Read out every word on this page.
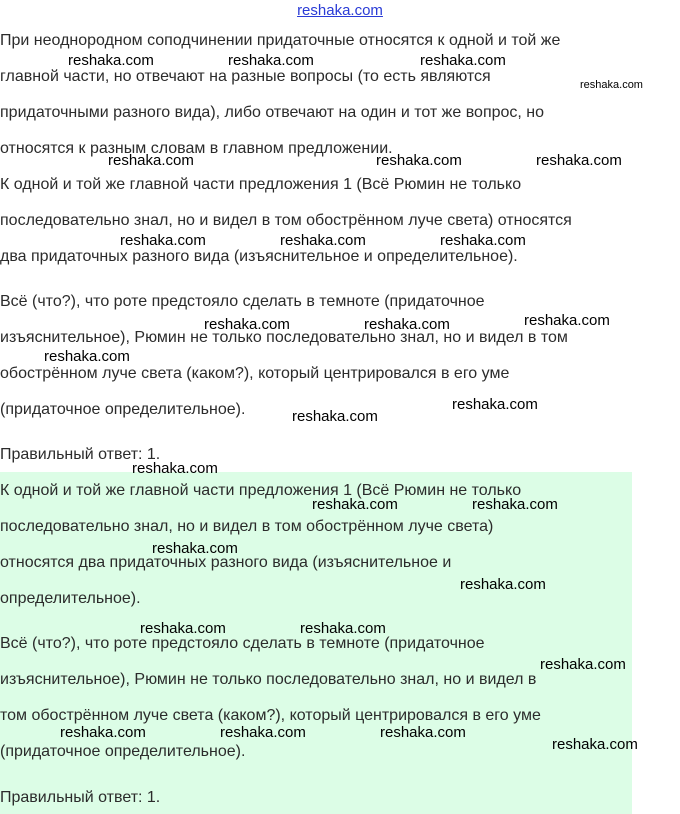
reshaka.com
При неоднородном соподчинении придаточные относятся к одной и той же
главной части, но отвечают на разные вопросы (то есть являются
придаточными разного вида), либо отвечают на один и тот же вопрос, но
относятся к разным словам в главном предложении.
К одной и той же главной части предложения 1 (Всё Рюмин не только
последовательно знал, но и видел в том обострённом луче света) относятся
два придаточных разного вида (изъяснительное и определительное).
Всё (что?), что роте предстояло сделать в темноте (придаточное
изъяснительное), Рюмин не только последовательно знал, но и видел в том
обострённом луче света (каком?), который центрировался в его уме
(придаточное определительное).
Правильный ответ: 1.
К одной и той же главной части предложения 1 (Всё Рюмин не только
последовательно знал, но и видел в том обострённом луче света)
относятся два придаточных разного вида (изъяснительное и
определительное).
Всё (что?), что роте предстояло сделать в темноте (придаточное
изъяснительное), Рюмин не только последовательно знал, но и видел в
том обострённом луче света (каком?), который центрировался в его уме
(придаточное определительное).
Правильный ответ: 1.
reshaka.com	reshaka.com	reshaka.com
reshaka.com
reshaka.com	reshaka.com	reshaka.com
reshaka.com	reshaka.com	reshaka.com
reshaka.com	reshaka.com	reshaka.com
reshaka.com
reshaka.com
reshaka.com
reshaka.com
reshaka.com	reshaka.com
reshaka.com
reshaka.com
reshaka.com	reshaka.com
reshaka.com
reshaka.com	reshaka.com	reshaka.com
reshaka.com
